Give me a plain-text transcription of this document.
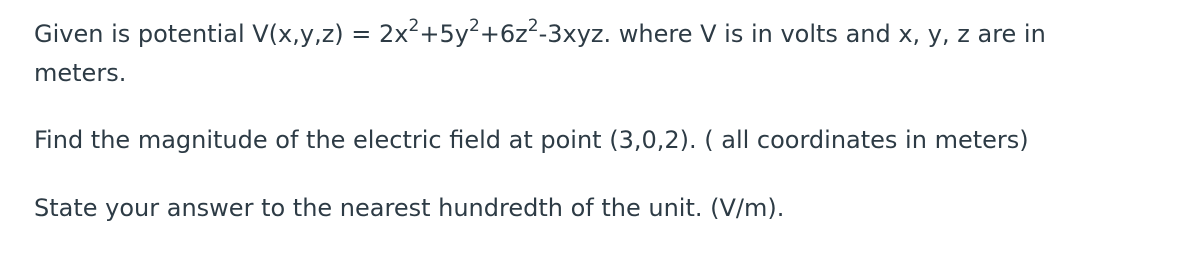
Given is potential $V(x,y,z) = 2x^2+5y^2+6z^2-3xyz$. where V is in volts and x, y, z are in

meters.

Find the magnitude of the electric field at point (3,0,2). ( all coordinates in meters)

State your answer to the nearest hundredth of the unit. (V/m).
